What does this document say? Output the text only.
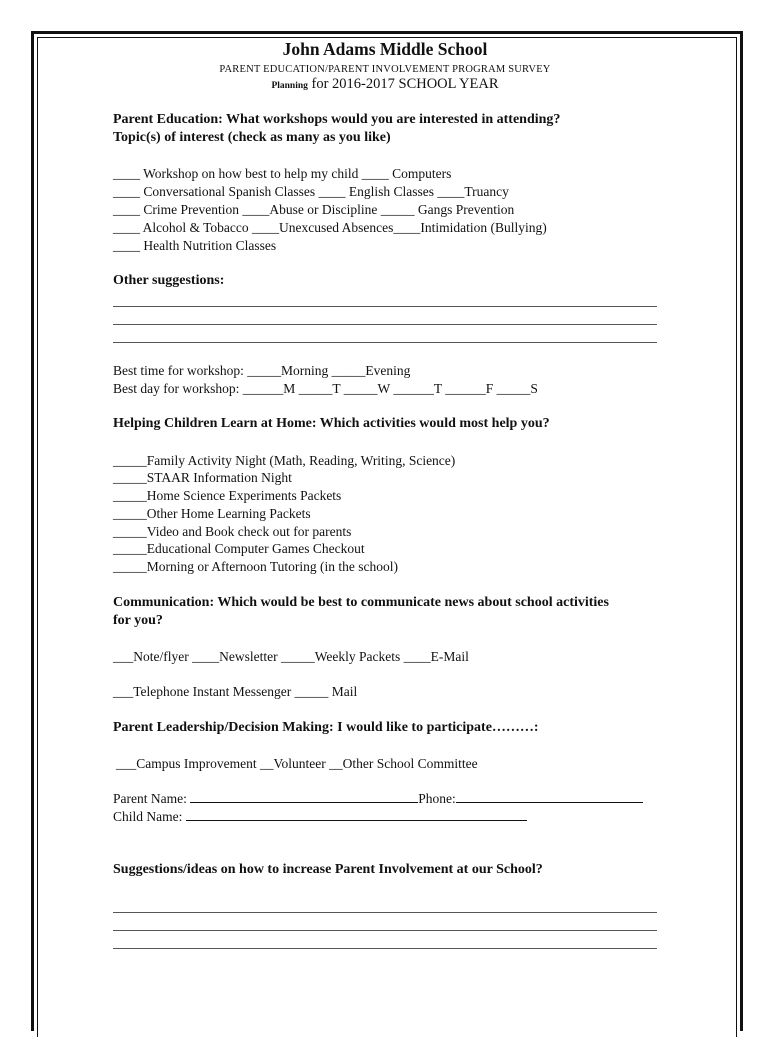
John Adams Middle School
PARENT EDUCATION/PARENT INVOLVEMENT PROGRAM SURVEY
Planning for 2016-2017 SCHOOL YEAR
Parent Education: What workshops would you are interested in attending?
Topic(s) of interest (check as many as you like)
____ Workshop on how best to help my child ____ Computers
____ Conversational Spanish Classes ____ English Classes ____Truancy
____ Crime Prevention ____Abuse or Discipline _____ Gangs Prevention
____ Alcohol & Tobacco ____Unexcused Absences____Intimidation (Bullying)
____ Health Nutrition Classes
Other suggestions:
Best time for workshop: _____Morning _____Evening
Best day for workshop: ______M _____T _____W ______T ______F _____S
Helping Children Learn at Home: Which activities would most help you?
_____Family Activity Night (Math, Reading, Writing, Science)
_____STAAR Information Night
_____Home Science Experiments Packets
_____Other Home Learning Packets
_____Video and Book check out for parents
_____Educational Computer Games Checkout
_____Morning or Afternoon Tutoring (in the school)
Communication: Which would be best to communicate news about school activities
for you?
___Note/flyer ____Newsletter _____Weekly Packets ____E-Mail
___Telephone Instant Messenger _____ Mail
Parent Leadership/Decision Making: I would like to participate………:
___Campus Improvement __Volunteer __Other School Committee
Parent Name:	Phone:
Child Name:
Suggestions/ideas on how to increase Parent Involvement at our School?
